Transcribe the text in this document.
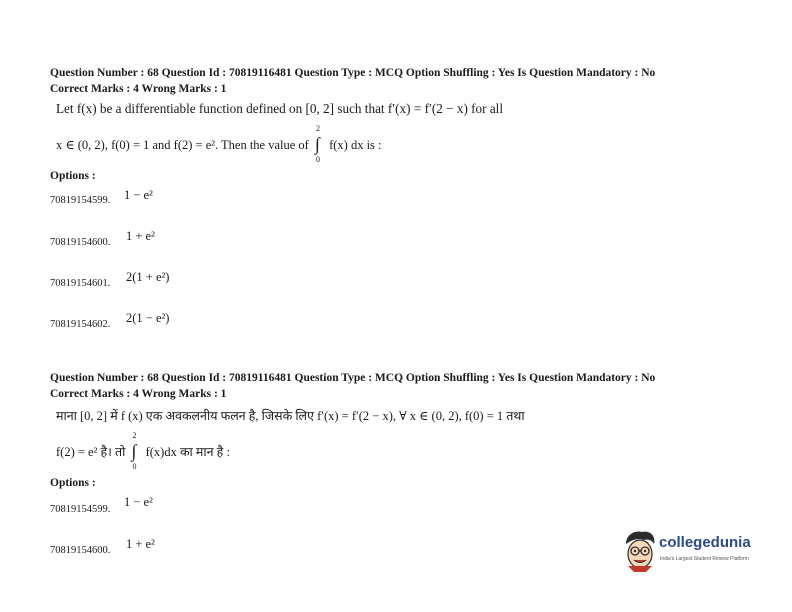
Question Number : 68 Question Id : 70819116481 Question Type : MCQ Option Shuffling : Yes Is Question Mandatory : No
Correct Marks : 4 Wrong Marks : 1
Let f(x) be a differentiable function defined on [0, 2] such that f′(x) = f′(2 − x) for all
x ∈ (0, 2), f(0) = 1 and f(2) = e². Then the value of
2
∫
0
f(x) dx is :
Options :
70819154599. 1 − e²
70819154600. 1 + e²
70819154601. 2(1 + e²)
70819154602. 2(1 − e²)
Question Number : 68 Question Id : 70819116481 Question Type : MCQ Option Shuffling : Yes Is Question Mandatory : No
Correct Marks : 4 Wrong Marks : 1
माना [0, 2] में f (x) एक अवकलनीय फलन है, जिसके लिए f′(x) = f′(2 − x), ∀ x ∈ (0, 2), f(0) = 1 तथा
f(2) = e² है। तो
2
∫
0
f(x)dx का मान है :
Options :
70819154599.
1 − e²
70819154600. 1 + e²	collegedunia
India's Largest Student Review Platform
